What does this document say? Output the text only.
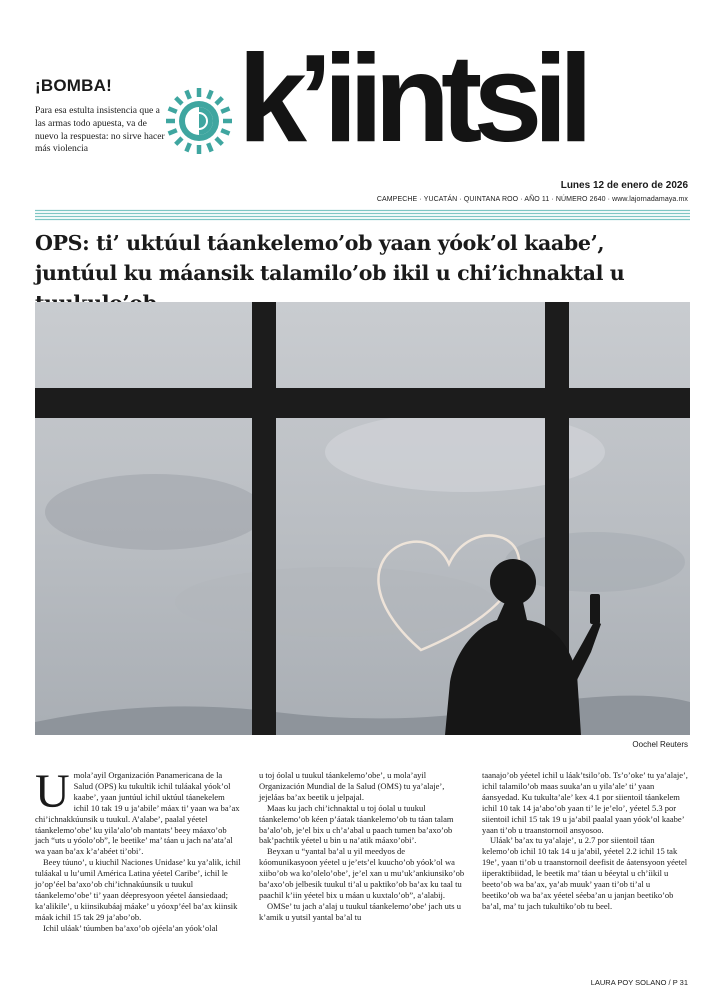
¡BOMBA!
Para esa estulta insistencia que a las armas todo apuesta, va de nuevo la respuesta: no sirve hacer más violencia	k’iintsil
Lunes 12 de enero de 2026
CAMPECHE · YUCATÁN · QUINTANA ROO · AÑO 11 · NÚMERO 2640 · www.lajornadamaya.mx
OPS: ti’ uktúul táankelemo’ob yaan yóok’ol kaabe’, juntúul ku máansik talamilo’ob ikil u chi’ichnaktal u
Oochel Reuters
U mola’ayil Organización Panamericana de la Salud (OPS) ku tukultik ichil tuláakal yóok’ol kaabe’, yaan juntúul ichil uktúul táanekelem ichil 10 tak 19 u ja’abile’ máax ti’ yaan wa ba’ax chi’ichnakkúunsik u tuukul. A’alabe’, paalal yéetel táankelemo’obe’ ku yila’alo’ob mantats’ beey máaxo’ob jach “uts u yóolo’ob”, le beetike’ ma’ táan u jach na’ata’al wa yaan ba’ax k’a’abéet ti’obi’.

Beey túuno’, u kiuchil Naciones Unidase’ ku ya’alik, ichil tuláakal u lu’umil América Latina yéetel Caribe’, ichil le jo’op’éel ba’axo’ob chi’ichnakúunsik u tuukul táankelemo’obe’ ti’ yaan déepresyoon yéetel áansiedaad; ka’alikile’, u kiinsikubáaj máake’ u yóoxp’éel ba’ax kiinsik máak ichil 15 tak 29 ja’abo’ob.

Ichil uláak’ túumben ba’axo’ob ojéela’an yóok’olal

u toj óolal u tuukul táankelemo’obe’, u mola’ayil Organización Mundial de la Salud (OMS) tu ya’alaje’, jejeláas ba’ax beetik u jelpajal.

Maas ku jach chi’ichnaktal u toj óolal u tuukul táankelemo’ob kéen p’áatak táankelemo’ob tu táan talam ba’alo’ob, je’el bix u ch’a’abal u paach tumen ba’axo’ob bak’pachtik yéetel u bin u na’atik máaxo’obi’.

Beyxan u “yantal ba’al u yil meedyos de kóomunikasyoon yéetel u je’ets’el kuucho’ob yóok’ol wa xiibo’ob wa ko’olelo’obe’, je’el xan u mu’uk’ankiunsiko’ob ba’axo’ob jelbesik tuukul ti’al u paktiko’ob ba’ax ku taal tu paachil k’iin yéetel bix u máan u kuxtalo’ob”, a’alabij.

OMSe’ tu jach a’alaj u tuukul táankelemo’obe’ jach uts u k’amik u yutsil yantal ba’al tu

taanajo’ob yéetel ichil u láak’tsilo’ob. Ts’o’oke’ tu ya’alaje’, ichil talamilo’ob maas suuka’an u yila’ale’ ti’ yaan áansyedad. Ku tukulta’ale’ kex 4.1 por siientoil táankelem ichil 10 tak 14 ja’abo’ob yaan ti’ le je’elo’, yéetel 5.3 por siientoil ichil 15 tak 19 u ja’abil paalal yaan yóok’ol kaabe’ yaan ti’ob u traanstornoil ansyosoo.

Uláak’ ba’ax tu ya’alaje’, u 2.7 por siientoil táan kelemo’ob ichil 10 tak 14 u ja’abil, yéetel 2.2 ichil 15 tak 19e’, yaan ti’ob u traanstornoil deefisit de áatensyoon yéetel iiperaktibiidad, le beetik ma’ táan u béeytal u ch’íikil u beeto’ob wa ba’ax, ya’ab muuk’ yaan ti’ob ti’al u beetiko’ob wa ba’ax yéetel séeba’an u janjan beetiko’ob ba’al, ma’ tu jach tukultiko’ob tu beel.

LAURA POY SOLANO / P 31
